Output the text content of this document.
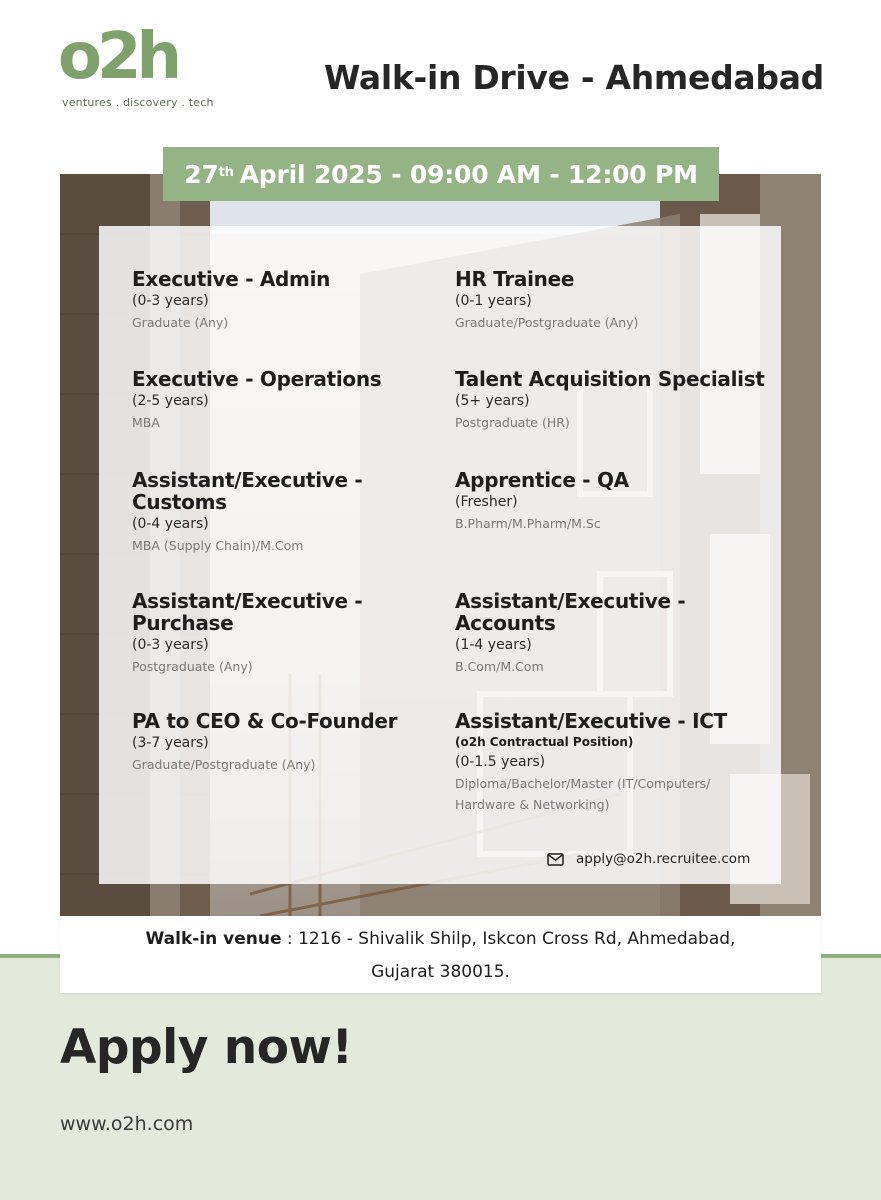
o2h
ventures . discovery . tech
Walk-in Drive - Ahmedabad
27th April 2025 - 09:00 AM - 12:00 PM
Executive - Admin
(0-3 years)
Graduate (Any)
Executive - Operations
(2-5 years)
MBA
Assistant/Executive - Customs
(0-4 years)
MBA (Supply Chain)/M.Com
Assistant/Executive - Purchase
(0-3 years)
Postgraduate (Any)
PA to CEO & Co-Founder
(3-7 years)
Graduate/Postgraduate (Any)
HR Trainee
(0-1 years)
Graduate/Postgraduate (Any)
Talent Acquisition Specialist
(5+ years)
Postgraduate (HR)
Apprentice - QA
(Fresher)
B.Pharm/M.Pharm/M.Sc
Assistant/Executive - Accounts
(1-4 years)
B.Com/M.Com
Assistant/Executive - ICT
(o2h Contractual Position)
(0-1.5 years)
Diploma/Bachelor/Master (IT/Computers/ Hardware & Networking)
apply@o2h.recruitee.com
Walk-in venue : 1216 - Shivalik Shilp, Iskcon Cross Rd, Ahmedabad,
Gujarat 380015.
Apply now!
www.o2h.com
